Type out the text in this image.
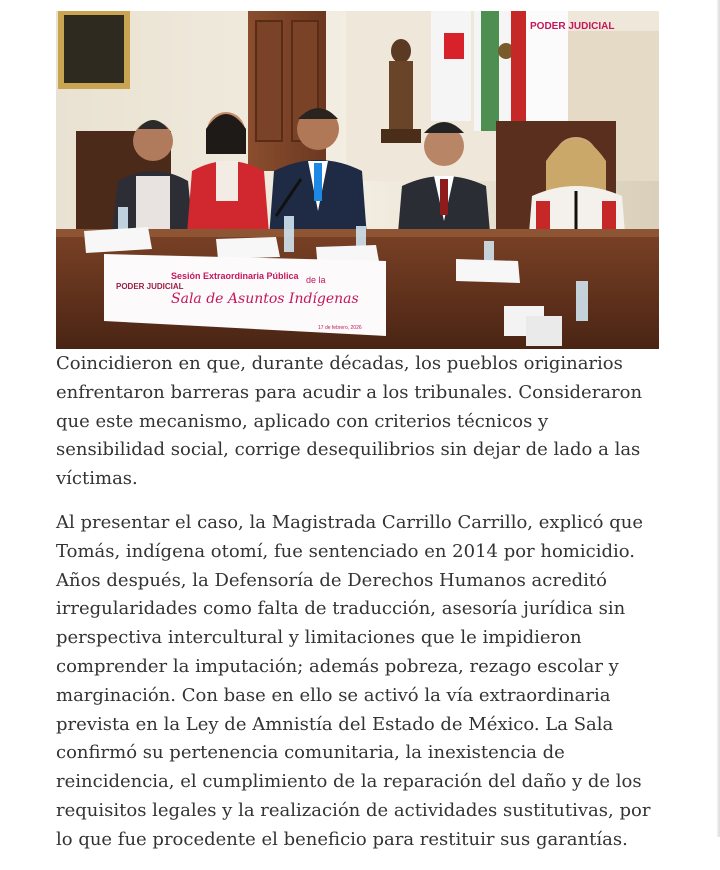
PODER JUDICIAL
PODER JUDICIAL
Sesión Extraordinaria Pública de la
Sala de Asuntos Indígenas
17 de febrero, 2026

Coincidieron en que, durante décadas, los pueblos originarios enfrentaron barreras para acudir a los tribunales. Consideraron que este mecanismo, aplicado con criterios técnicos y sensibilidad social, corrige desequilibrios sin dejar de lado a las víctimas.

Al presentar el caso, la Magistrada Carrillo Carrillo, explicó que Tomás, indígena otomí, fue sentenciado en 2014 por homicidio. Años después, la Defensoría de Derechos Humanos acreditó irregularidades como falta de traducción, asesoría jurídica sin perspectiva intercultural y limitaciones que le impidieron comprender la imputación; además pobreza, rezago escolar y marginación. Con base en ello se activó la vía extraordinaria prevista en la Ley de Amnistía del Estado de México. La Sala confirmó su pertenencia comunitaria, la inexistencia de reincidencia, el cumplimiento de la reparación del daño y de los requisitos legales y la realización de actividades sustitutivas, por lo que fue procedente el beneficio para restituir sus garantías.
